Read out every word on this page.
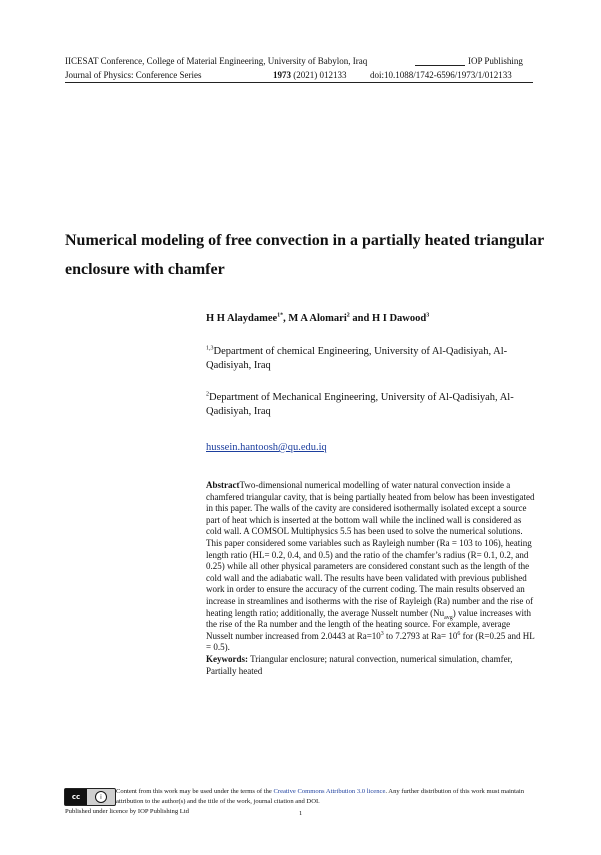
IICESAT Conference, College of Material Engineering, University of Babylon, Iraq	IOP Publishing
Journal of Physics: Conference Series	1973 (2021) 012133	doi:10.1088/1742-6596/1973/1/012133
Numerical modeling of free convection in a partially heated triangular enclosure with chamfer
H H Alaydamee$^{1*}$, M A Alomari$^2$ and H I Dawood$^3$
$^{1,3}$Department of chemical Engineering, University of Al-Qadisiyah, Al-Qadisiyah, Iraq
$^2$Department of Mechanical Engineering, University of Al-Qadisiyah, Al-Qadisiyah, Iraq
hussein.hantoosh@qu.edu.iq
AbstractTwo-dimensional numerical modelling of water natural convection inside a chamfered triangular cavity, that is being partially heated from below has been investigated in this paper. The walls of the cavity are considered isothermally isolated except a source part of heat which is inserted at the bottom wall while the inclined wall is considered as cold wall. A COMSOL Multiphysics 5.5 has been used to solve the numerical solutions. This paper considered some variables such as Rayleigh number (Ra = 103 to 106), heating length ratio (HL= 0.2, 0.4, and 0.5) and the ratio of the chamfer’s radius (R= 0.1, 0.2, and 0.25) while all other physical parameters are considered constant such as the length of the cold wall and the adiabatic wall. The results have been validated with previous published work in order to ensure the accuracy of the current coding. The main results observed an increase in streamlines and isotherms with the rise of Rayleigh (Ra) number and the rise of heating length ratio; additionally, the average Nusselt number $(Nu_{avg})$ value increases with the rise of the Ra number and the length of the heating source. For example, average Nusselt number increased from 2.0443 at $Ra=10^3$ to 7.2793 at $Ra= 10^6$ for (R=0.25 and HL = 0.5).
Keywords: Triangular enclosure; natural convection, numerical simulation, chamfer, Partially heated
cc	i
Content from this work may be used under the terms of the Creative Commons Attribution 3.0 licence. Any further distribution of this work must maintain attribution to the author(s) and the title of the work, journal citation and DOI.
Published under licence by IOP Publishing Ltd	1
